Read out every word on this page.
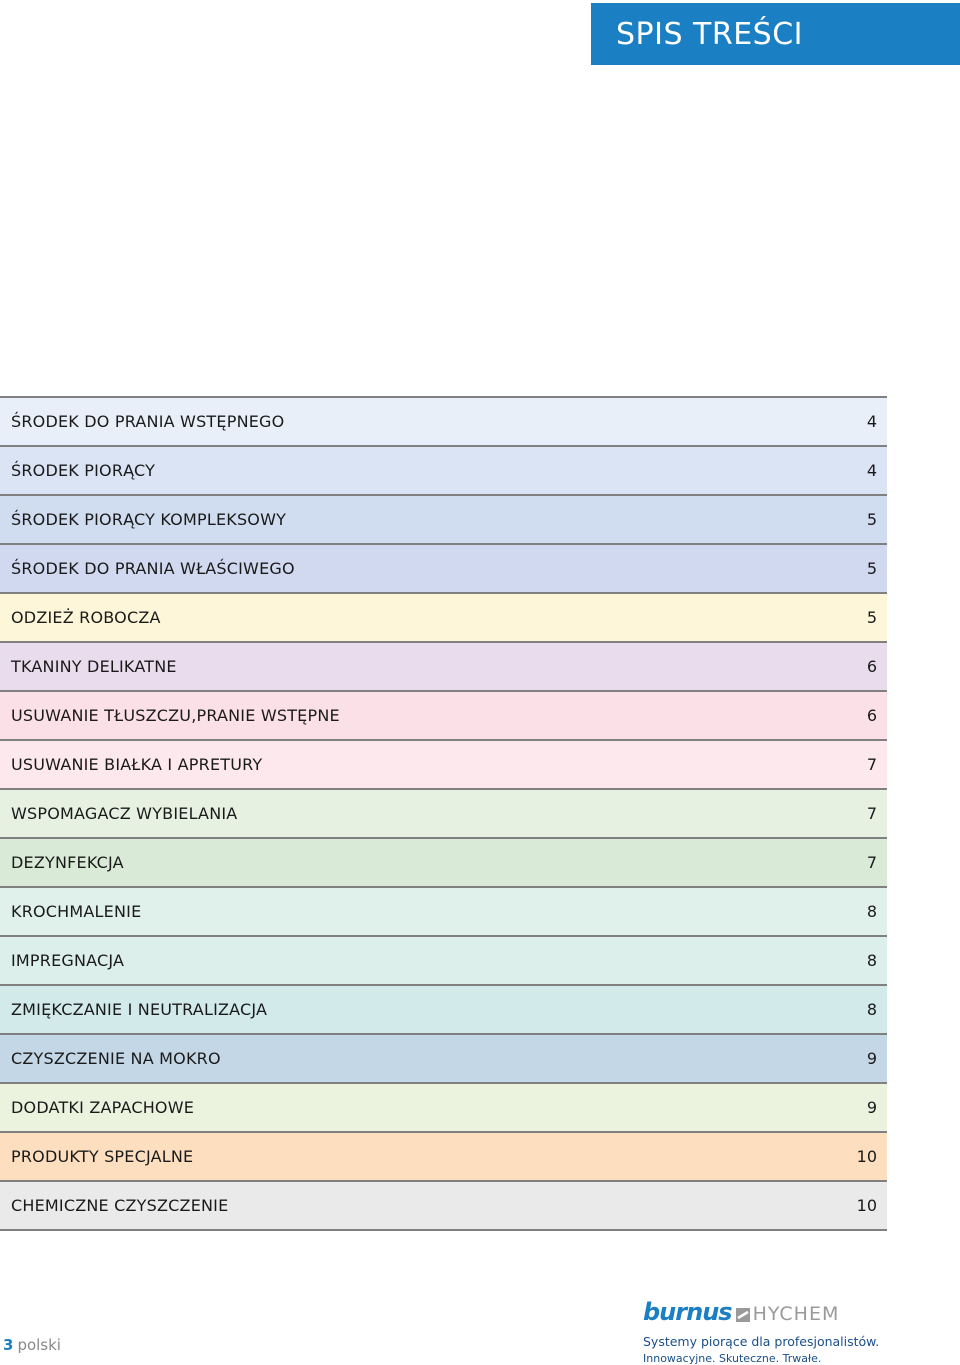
SPIS TREŚCI
ŚRODEK DO PRANIA WSTĘPNEGO	4
ŚRODEK PIORĄCY	4
ŚRODEK PIORĄCY KOMPLEKSOWY	5
ŚRODEK DO PRANIA WŁAŚCIWEGO	5
ODZIEŻ ROBOCZA	5
TKANINY DELIKATNE	6
USUWANIE TŁUSZCZU,PRANIE WSTĘPNE	6
USUWANIE BIAŁKA I APRETURY	7
WSPOMAGACZ WYBIELANIA	7
DEZYNFEKCJA	7
KROCHMALENIE	8
IMPREGNACJA	8
ZMIĘKCZANIE I NEUTRALIZACJA	8
CZYSZCZENIE NA MOKRO	9
DODATKI ZAPACHOWE	9
PRODUKTY SPECJALNE	10
CHEMICZNE CZYSZCZENIE	10
3 polski
burnus HYCHEM
Systemy piorące dla profesjonalistów.
Innowacyjne. Skuteczne. Trwałe.
